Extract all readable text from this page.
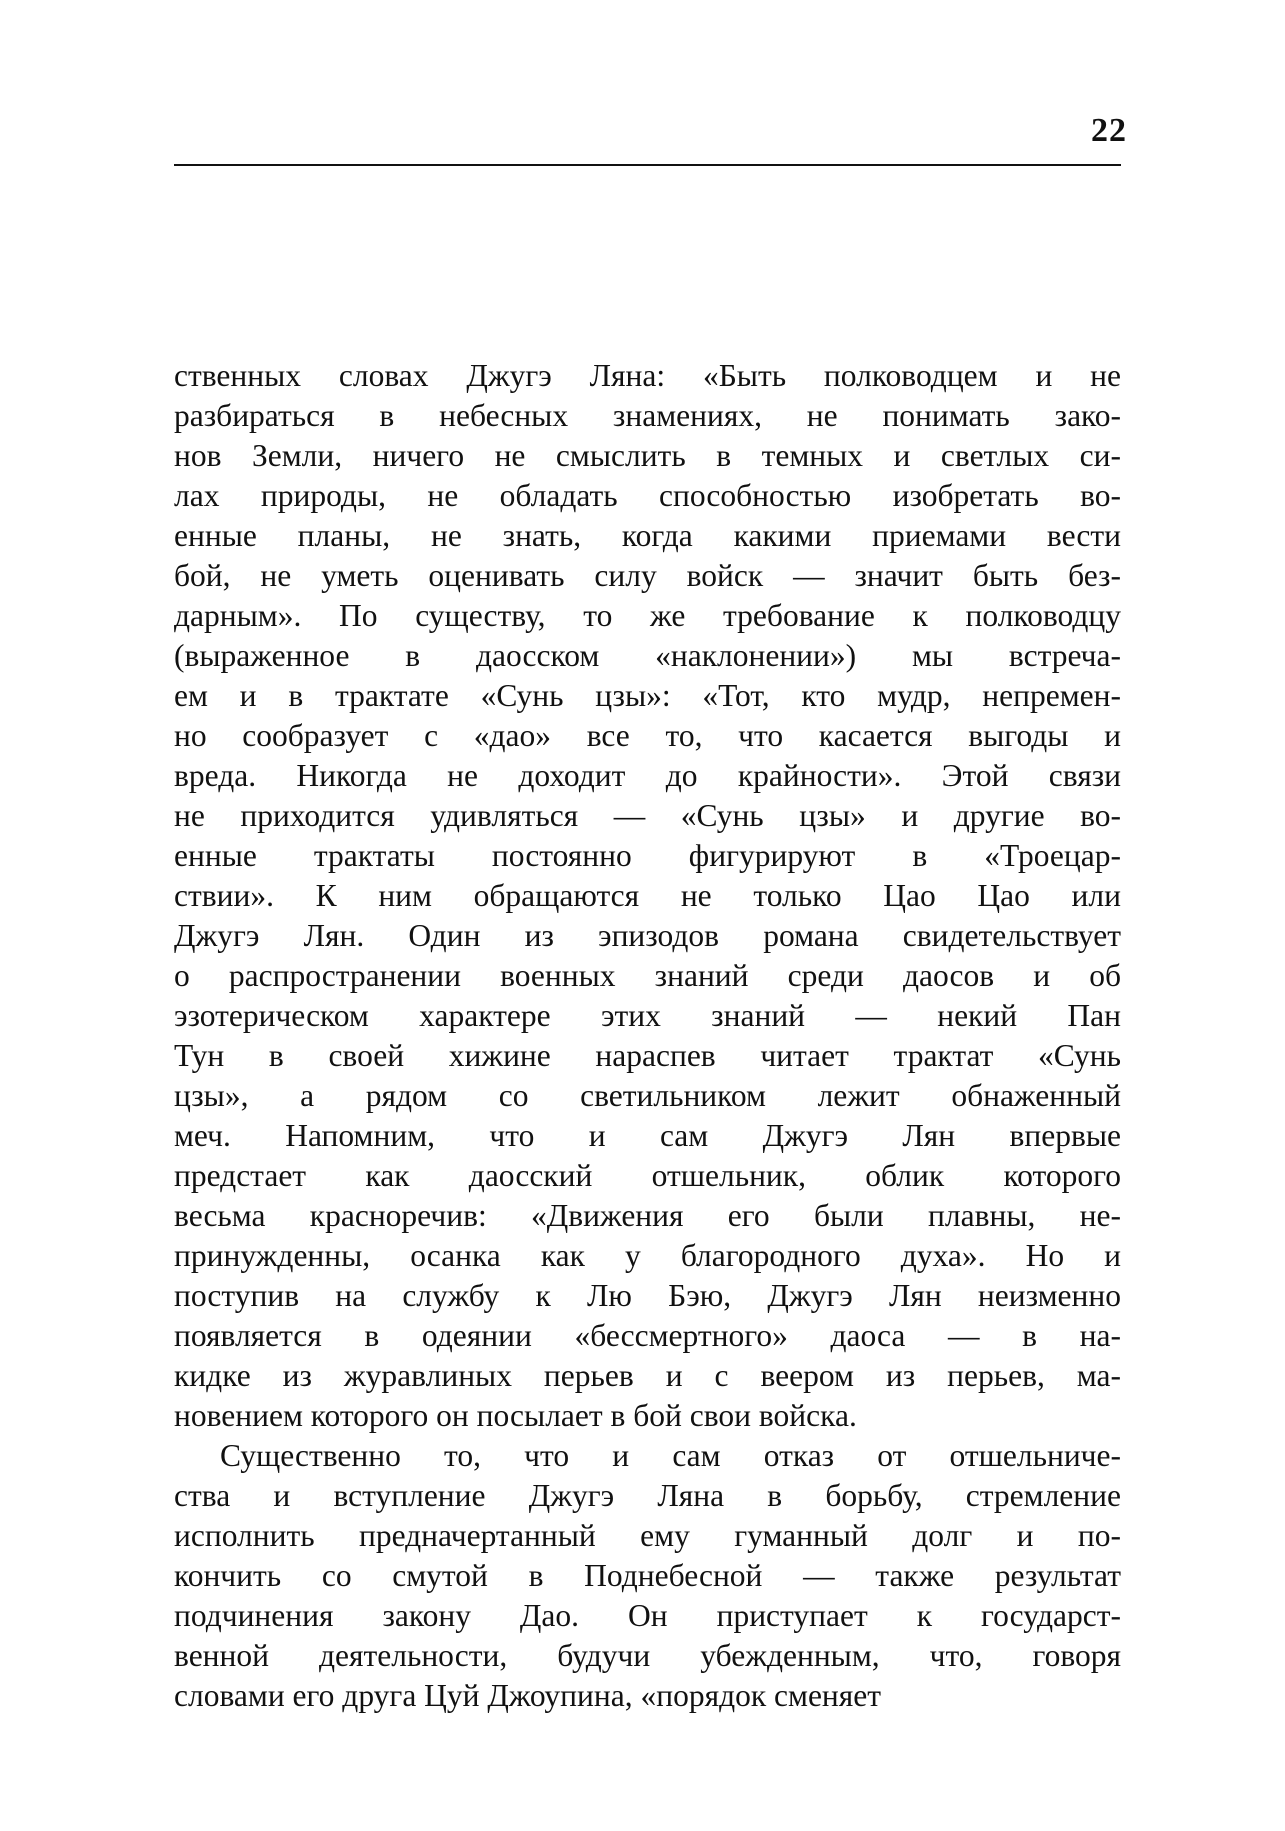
22
ственных словах Джугэ Ляна: «Быть полководцем и не
разбираться в небесных знамениях, не понимать зако-
нов Земли, ничего не смыслить в темных и светлых си-
лах природы, не обладать способностью изобретать во-
енные планы, не знать, когда какими приемами вести
бой, не уметь оценивать силу войск — значит быть без-
дарным». По существу, то же требование к полководцу
(выраженное в даосском «наклонении») мы встреча-
ем и в трактате «Сунь цзы»: «Тот, кто мудр, непремен-
но сообразует с «дао» все то, что касается выгоды и
вреда. Никогда не доходит до крайности». Этой связи
не приходится удивляться — «Сунь цзы» и другие во-
енные трактаты постоянно фигурируют в «Троецар-
ствии». К ним обращаются не только Цао Цао или
Джугэ Лян. Один из эпизодов романа свидетельствует
о распространении военных знаний среди даосов и об
эзотерическом характере этих знаний — некий Пан
Тун в своей хижине нараспев читает трактат «Сунь
цзы», а рядом со светильником лежит обнаженный
меч. Напомним, что и сам Джугэ Лян впервые
предстает как даосский отшельник, облик которого
весьма красноречив: «Движения его были плавны, не-
принужденны, осанка как у благородного духа». Но и
поступив на службу к Лю Бэю, Джугэ Лян неизменно
появляется в одеянии «бессмертного» даоса — в на-
кидке из журавлиных перьев и с веером из перьев, ма-
новением которого он посылает в бой свои войска.
Существенно то, что и сам отказ от отшельниче-
ства и вступление Джугэ Ляна в борьбу, стремление
исполнить предначертанный ему гуманный долг и по-
кончить со смутой в Поднебесной — также результат
подчинения закону Дао. Он приступает к государст-
венной деятельности, будучи убежденным, что, говоря
словами его друга Цуй Джоупина, «порядок сменяет
